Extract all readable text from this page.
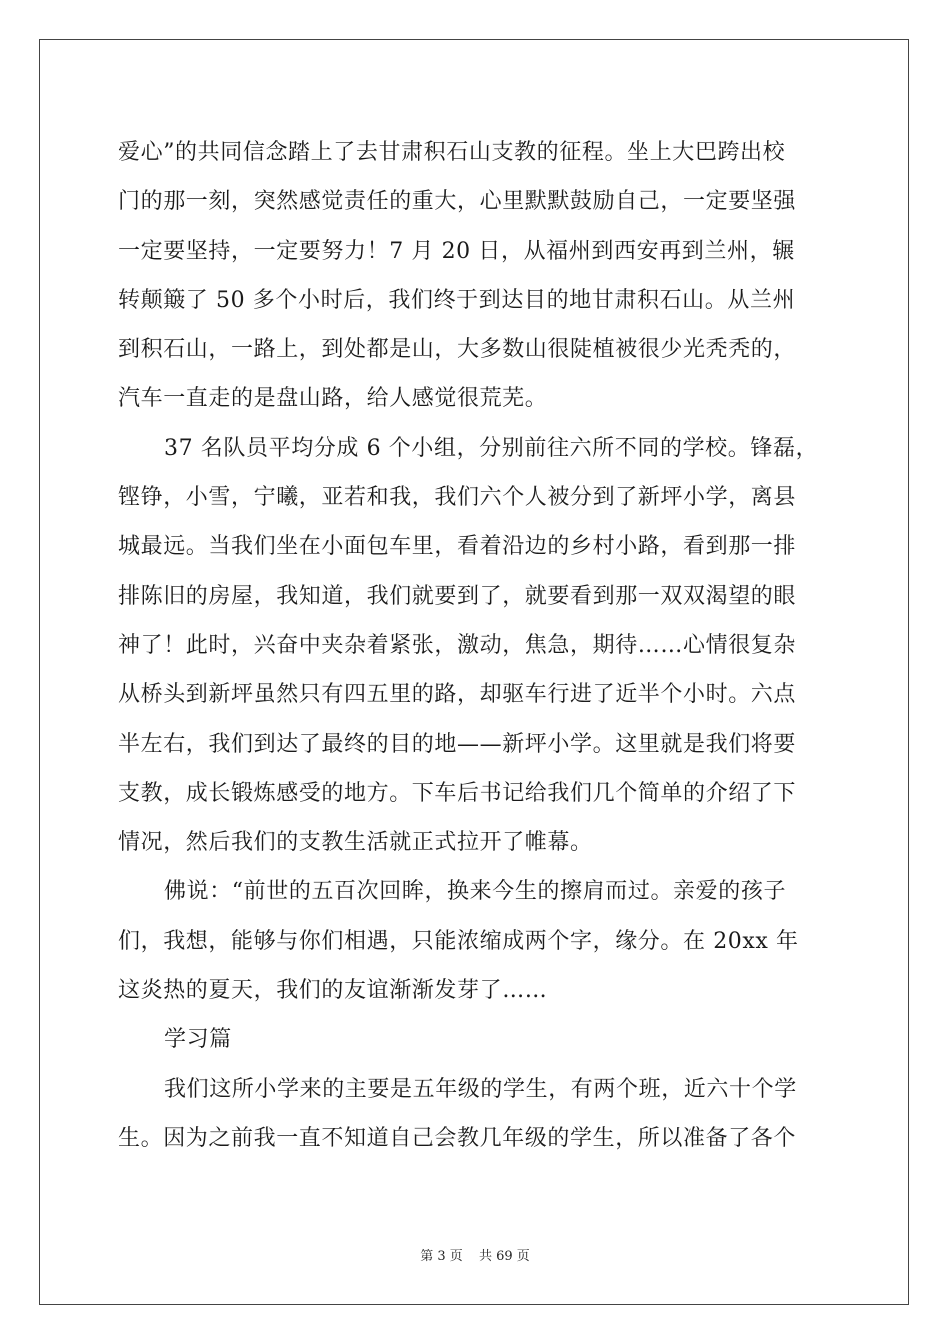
爱心”的共同信念踏上了去甘肃积石山支教的征程。坐上大巴跨出校
门的那一刻，突然感觉责任的重大，心里默默鼓励自己，一定要坚强
一定要坚持，一定要努力！7 月 20 日，从福州到西安再到兰州，辗
转颠簸了 50 多个小时后，我们终于到达目的地甘肃积石山。从兰州
到积石山，一路上，到处都是山，大多数山很陡植被很少光秃秃的，
汽车一直走的是盘山路，给人感觉很荒芜。
37 名队员平均分成 6 个小组，分别前往六所不同的学校。锋磊，
铿铮，小雪，宁曦，亚若和我，我们六个人被分到了新坪小学，离县
城最远。当我们坐在小面包车里，看着沿边的乡村小路，看到那一排
排陈旧的房屋，我知道，我们就要到了，就要看到那一双双渴望的眼
神了！此时，兴奋中夹杂着紧张，激动，焦急，期待……心情很复杂
从桥头到新坪虽然只有四五里的路，却驱车行进了近半个小时。六点
半左右，我们到达了最终的目的地——新坪小学。这里就是我们将要
支教，成长锻炼感受的地方。下车后书记给我们几个简单的介绍了下
情况，然后我们的支教生活就正式拉开了帷幕。
佛说：“前世的五百次回眸，换来今生的擦肩而过。亲爱的孩子
们，我想，能够与你们相遇，只能浓缩成两个字，缘分。在 20xx 年
这炎热的夏天，我们的友谊渐渐发芽了……
学习篇
我们这所小学来的主要是五年级的学生，有两个班，近六十个学
生。因为之前我一直不知道自己会教几年级的学生，所以准备了各个
第 3 页 共 69 页
